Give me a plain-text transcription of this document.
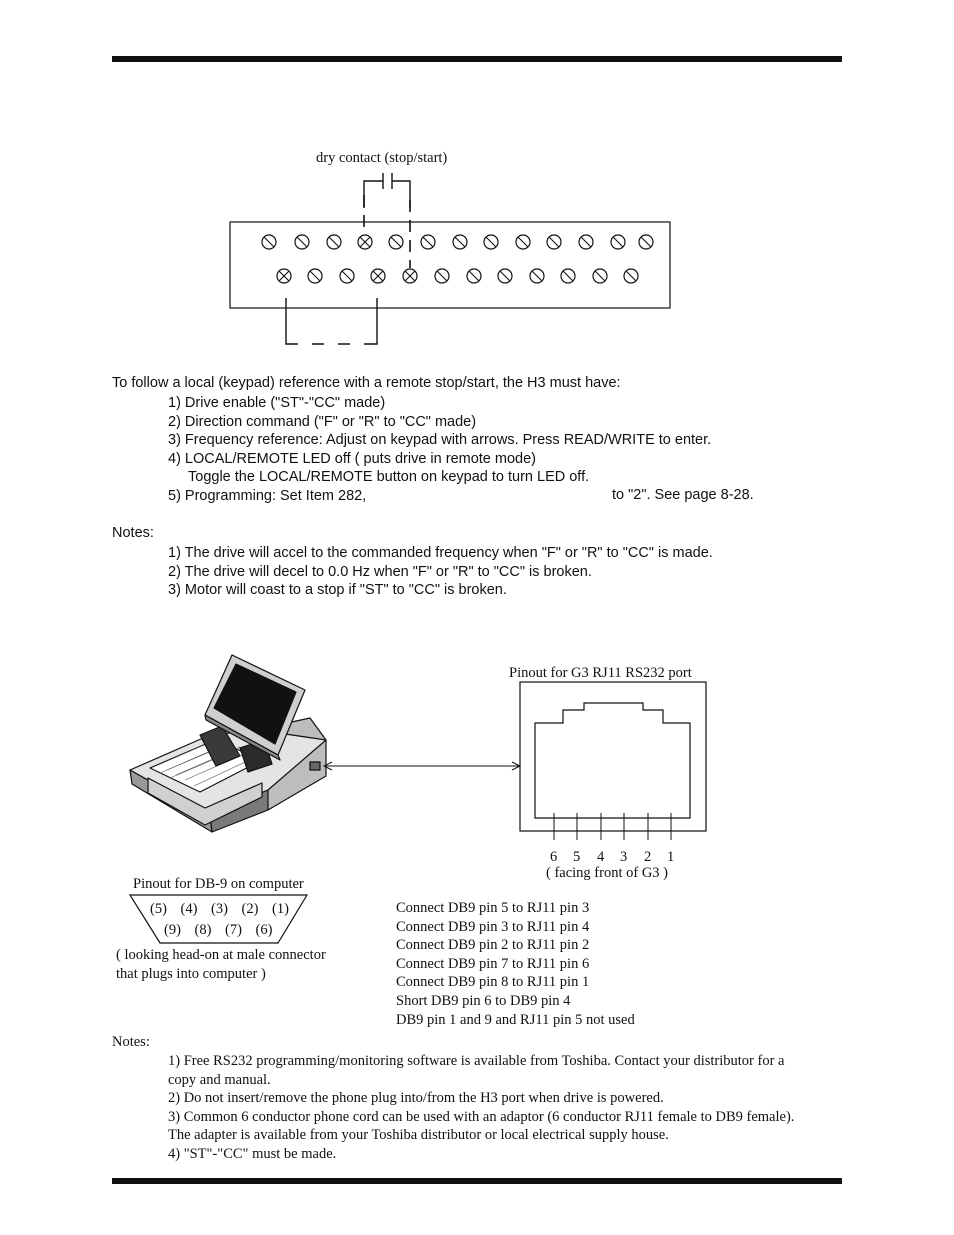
dry contact (stop/start)
To follow a local (keypad) reference with a remote stop/start, the H3 must have:
1) Drive enable ("ST"-"CC" made)
2) Direction command ("F" or "R" to "CC" made)
3) Frequency reference: Adjust on keypad with arrows. Press READ/WRITE to enter.
4) LOCAL/REMOTE LED off ( puts drive in remote mode)
Toggle the LOCAL/REMOTE button on keypad to turn LED off.
5) Programming: Set Item 282,	to "2". See page 8-28.
Notes:
1) The drive will accel to the commanded frequency when "F" or "R" to "CC" is made.
2) The drive will decel to 0.0 Hz when "F" or "R" to "CC" is broken.
3) Motor will coast to a stop if "ST" to "CC" is broken.
6 5 4 3 2 1
Pinout for G3 RJ11 RS232 port
( facing front of G3 )
Pinout for DB-9 on computer
(5) (4) (3) (2) (1)
(9) (8) (7) (6)
( looking head-on at male connector
that plugs into computer )
Connect DB9 pin 5 to RJ11 pin 3
Connect DB9 pin 3 to RJ11 pin 4
Connect DB9 pin 2 to RJ11 pin 2
Connect DB9 pin 7 to RJ11 pin 6
Connect DB9 pin 8 to RJ11 pin 1
Short DB9 pin 6 to DB9 pin 4
DB9 pin 1 and 9 and RJ11 pin 5 not used
Notes:
1) Free RS232 programming/monitoring software is available from Toshiba. Contact your distributor for a
copy and manual.
2) Do not insert/remove the phone plug into/from the H3 port when drive is powered.
3) Common 6 conductor phone cord can be used with an adaptor (6 conductor RJ11 female to DB9 female).
The adapter is available from your Toshiba distributor or local electrical supply house.
4) "ST"-"CC" must be made.
